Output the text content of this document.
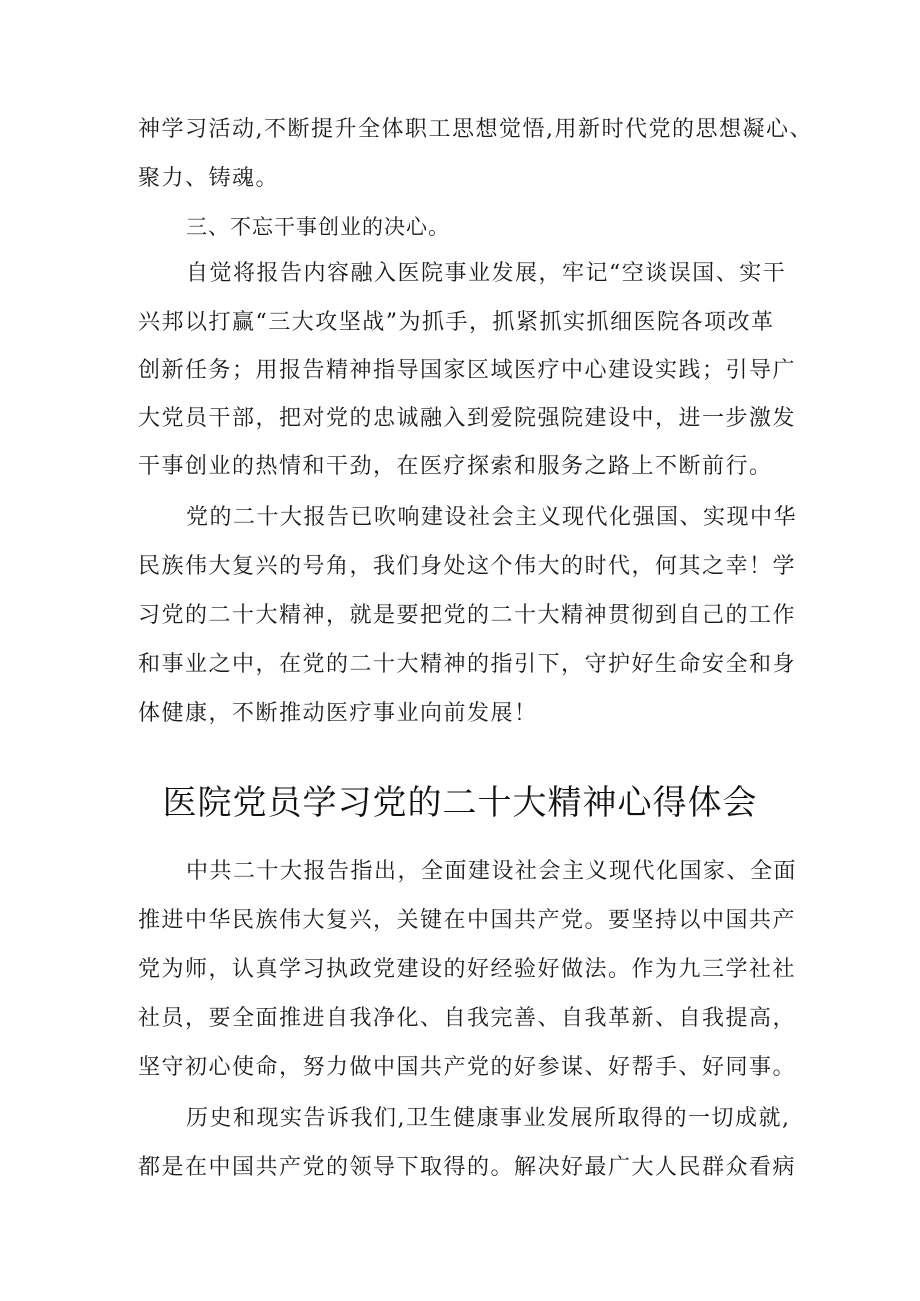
神学习活动,不断提升全体职工思想觉悟,用新时代党的思想凝心、
聚力、铸魂。
三、不忘干事创业的决心。
自觉将报告内容融入医院事业发展，牢记“空谈误国、实干
兴邦以打赢“三大攻坚战”为抓手，抓紧抓实抓细医院各项改革
创新任务；用报告精神指导国家区域医疗中心建设实践；引导广
大党员干部，把对党的忠诚融入到爱院强院建设中，进一步激发
干事创业的热情和干劲，在医疗探索和服务之路上不断前行。
党的二十大报告已吹响建设社会主义现代化强国、实现中华
民族伟大复兴的号角，我们身处这个伟大的时代，何其之幸！学
习党的二十大精神，就是要把党的二十大精神贯彻到自己的工作
和事业之中，在党的二十大精神的指引下，守护好生命安全和身
体健康，不断推动医疗事业向前发展！
医院党员学习党的二十大精神心得体会
中共二十大报告指出，全面建设社会主义现代化国家、全面
推进中华民族伟大复兴，关键在中国共产党。要坚持以中国共产
党为师，认真学习执政党建设的好经验好做法。作为九三学社社
社员，要全面推进自我净化、自我完善、自我革新、自我提高，
坚守初心使命，努力做中国共产党的好参谋、好帮手、好同事。
历史和现实告诉我们,卫生健康事业发展所取得的一切成就,
都是在中国共产党的领导下取得的。解决好最广大人民群众看病
